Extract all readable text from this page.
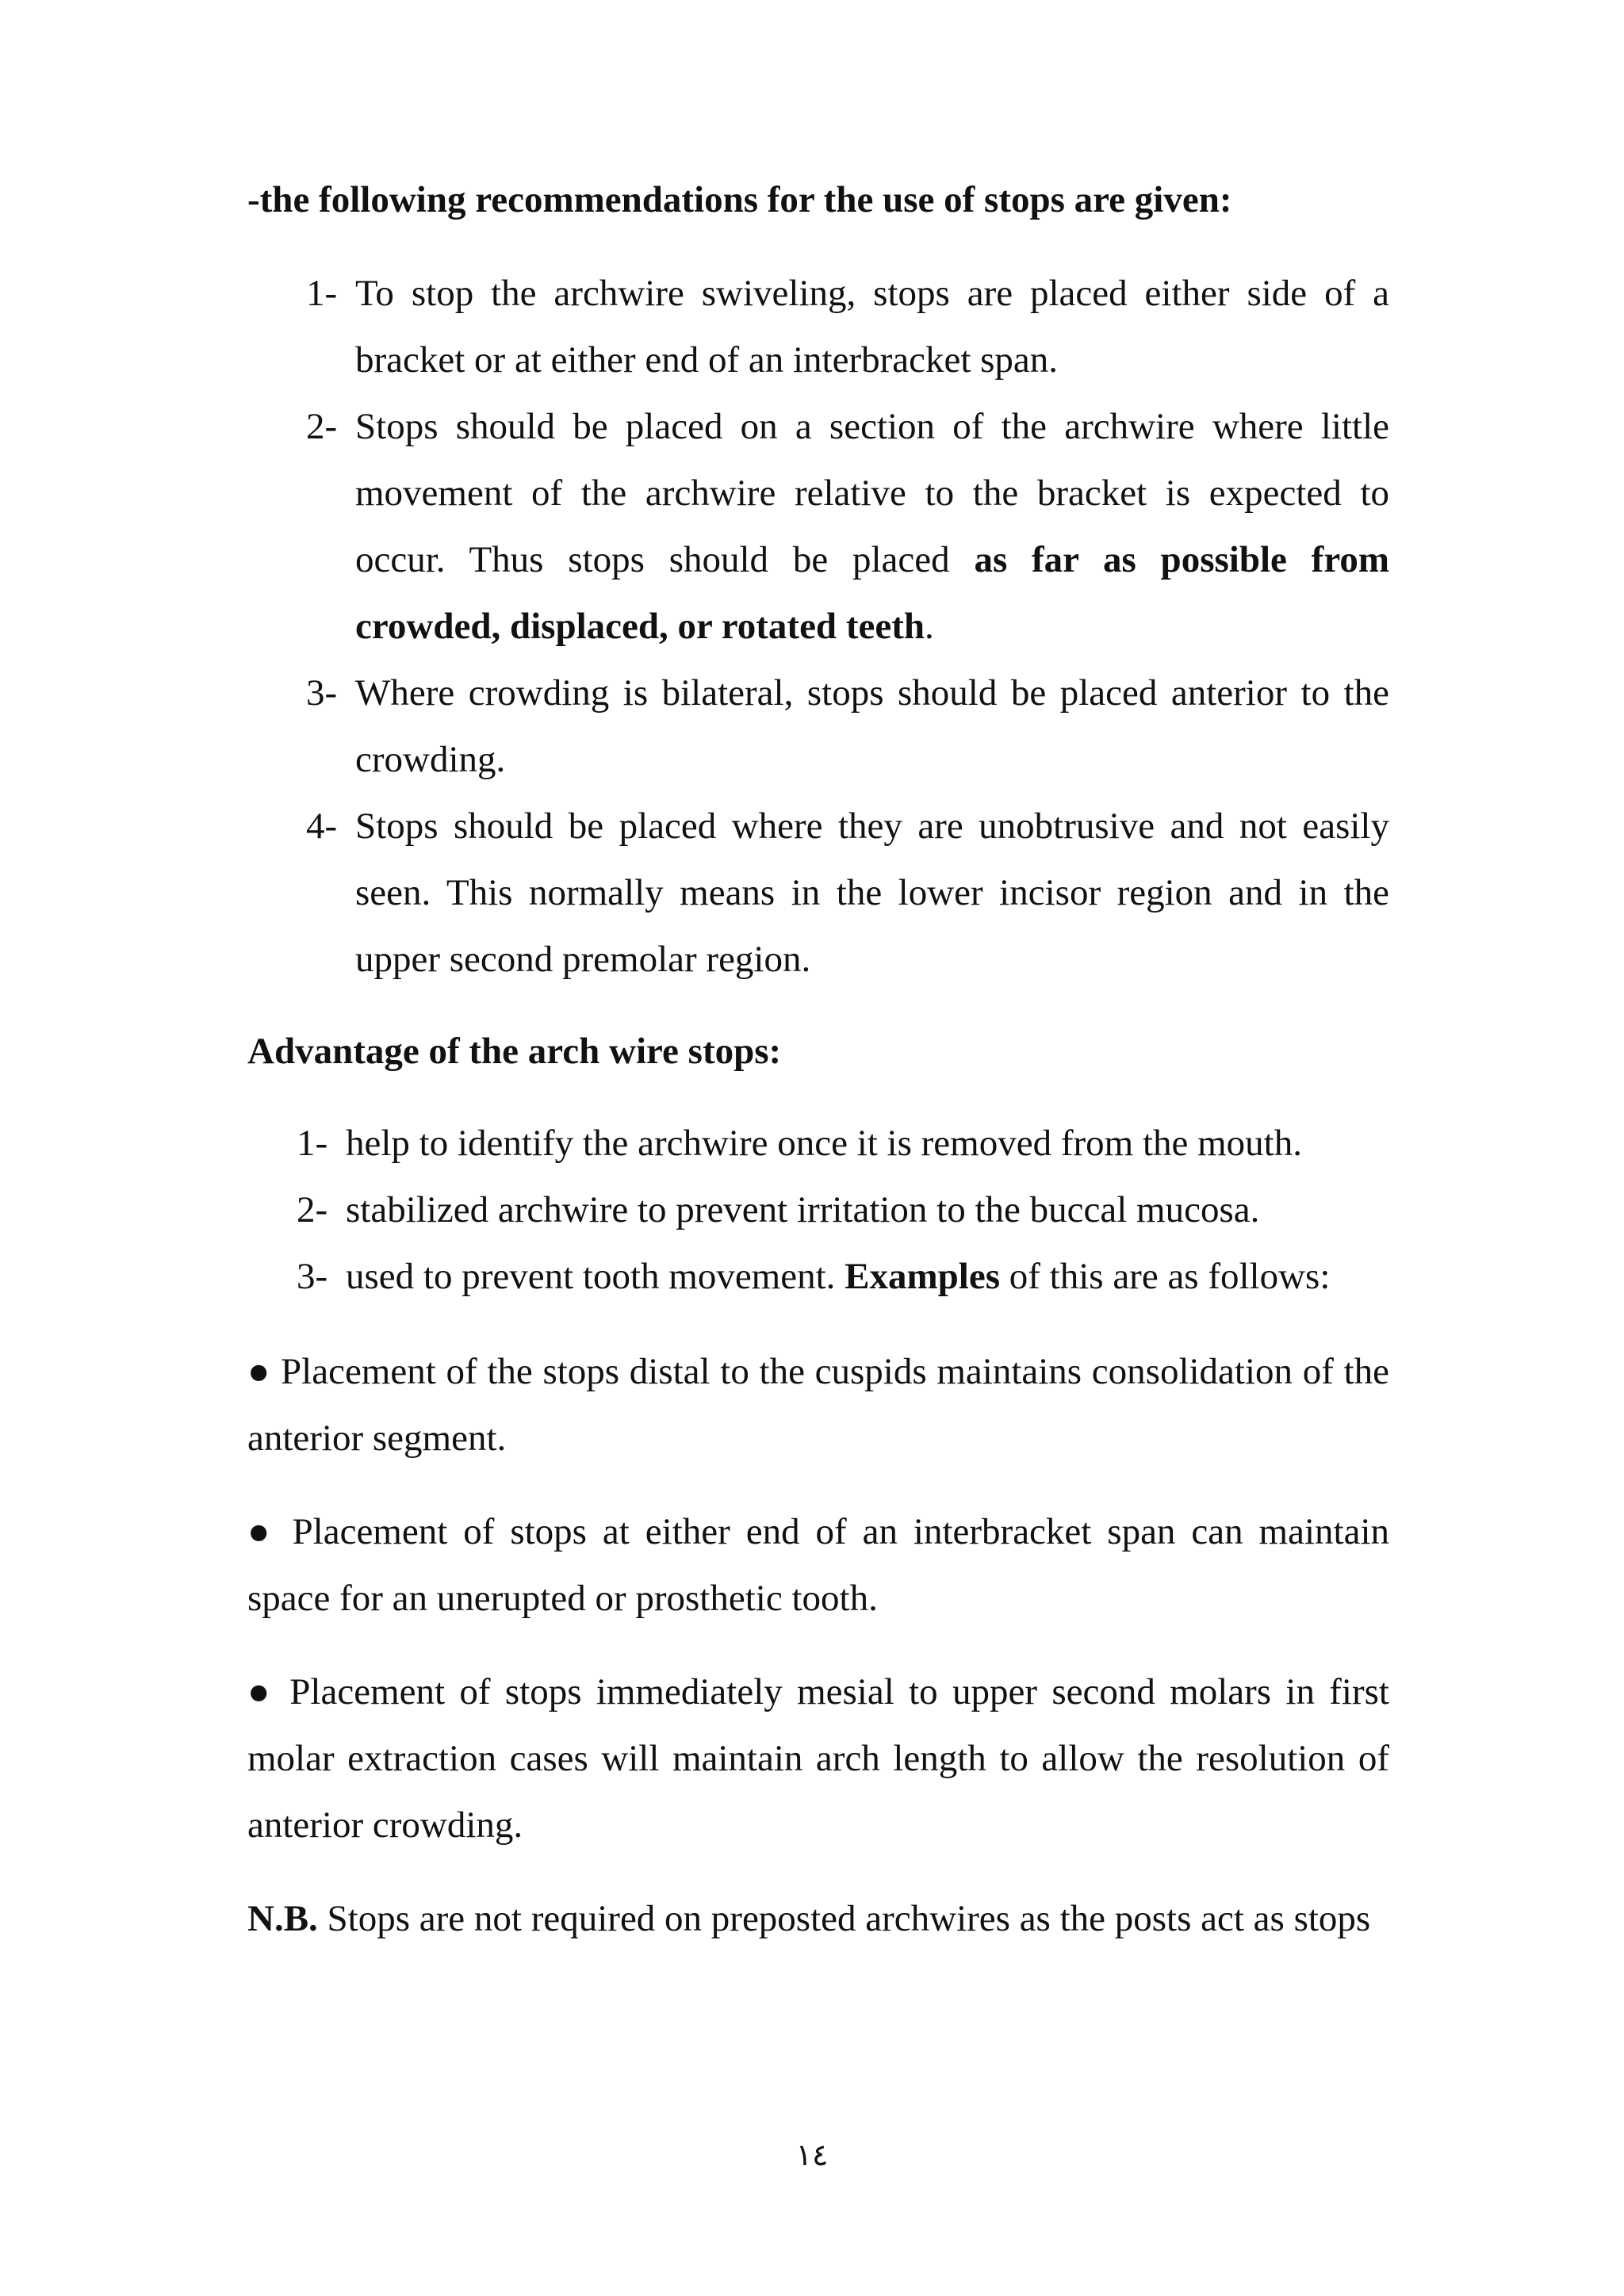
-the following recommendations for the use of stops are given:

1- To stop the archwire swiveling, stops are placed either side of a bracket or at either end of an interbracket span.
2- Stops should be placed on a section of the archwire where little movement of the archwire relative to the bracket is expected to occur. Thus stops should be placed as far as possible from crowded, displaced, or rotated teeth.
3- Where crowding is bilateral, stops should be placed anterior to the crowding.
4- Stops should be placed where they are unobtrusive and not easily seen. This normally means in the lower incisor region and in the upper second premolar region.

Advantage of the arch wire stops:

1- help to identify the archwire once it is removed from the mouth.
2- stabilized archwire to prevent irritation to the buccal mucosa.
3- used to prevent tooth movement. Examples of this are as follows:

● Placement of the stops distal to the cuspids maintains consolidation of the anterior segment.

● Placement of stops at either end of an interbracket span can maintain space for an unerupted or prosthetic tooth.

● Placement of stops immediately mesial to upper second molars in first molar extraction cases will maintain arch length to allow the resolution of anterior crowding.

N.B. Stops are not required on preposted archwires as the posts act as stops

١٤
